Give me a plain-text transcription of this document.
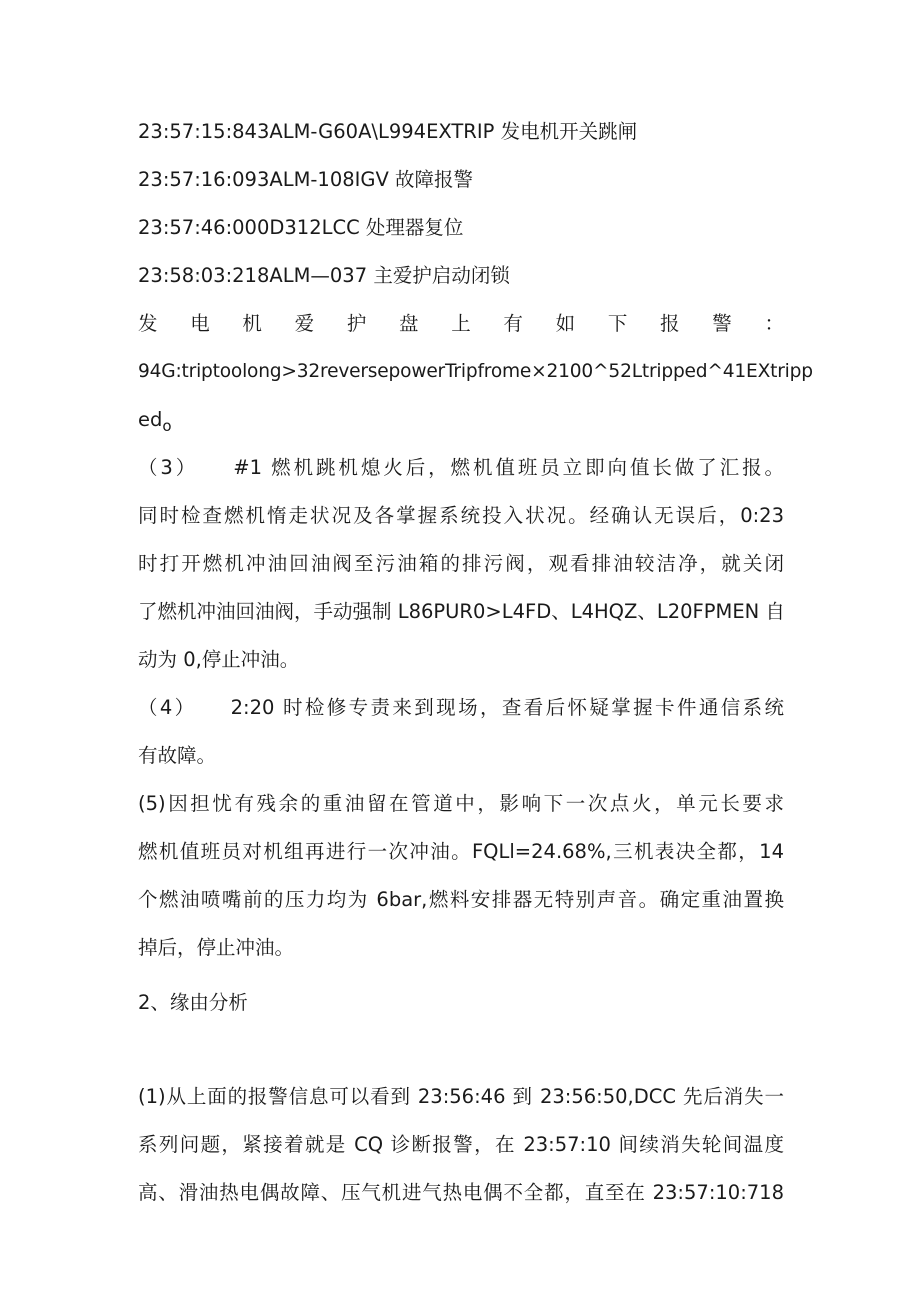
23:57:15:843ALM-G60A\L994EXTRIP 发电机开关跳闸
23:57:16:093ALM-108IGV 故障报警
23:57:46:000D312LCC 处理器复位
23:58:03:218ALM—037 主爱护启动闭锁
发 电 机 爱 护 盘 上 有 如 下 报 警 ：
94G:triptoolong>32reversepowerTripfrome×2100^52Ltripped^41EXtripp
$ed_o$
（3）　　#1 燃机跳机熄火后，燃机值班员立即向值长做了汇报。
同时检查燃机惰走状况及各掌握系统投入状况。经确认无误后，0:23
时打开燃机冲油回油阀至污油箱的排污阀，观看排油较洁净，就关闭
了燃机冲油回油阀，手动强制 L86PUR0>L4FD、L4HQZ、L20FPMEN 自
动为 0,停止冲油。
（4）　　2:20 时检修专责来到现场，查看后怀疑掌握卡件通信系统
有故障。
(5)因担忧有残余的重油留在管道中，影响下一次点火，单元长要求
燃机值班员对机组再进行一次冲油。FQLl=24.68%,三机表决全都，14
个燃油喷嘴前的压力均为 6bar,燃料安排器无特别声音。确定重油置换
掉后，停止冲油。
2、缘由分析
(1)从上面的报警信息可以看到 23:56:46 到 23:56:50,DCC 先后消失一
系列问题，紧接着就是 CQ 诊断报警，在 23:57:10 间续消失轮间温度
高、滑油热电偶故障、压气机进气热电偶不全都，直至在 23:57:10:718
